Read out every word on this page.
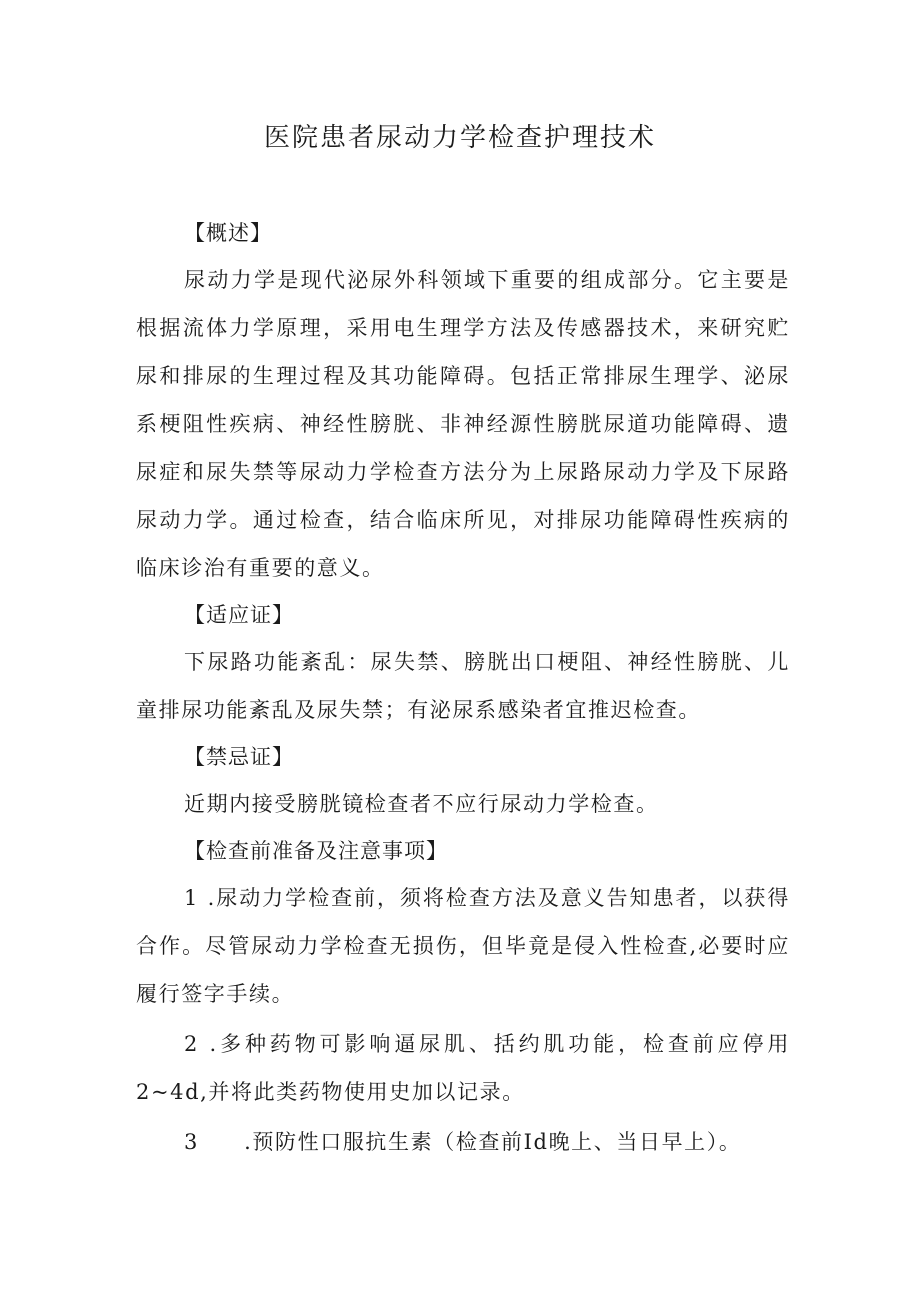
医院患者尿动力学检查护理技术

【概述】

尿动力学是现代泌尿外科领域下重要的组成部分。它主要是根据流体力学原理，采用电生理学方法及传感器技术，来研究贮尿和排尿的生理过程及其功能障碍。包括正常排尿生理学、泌尿系梗阻性疾病、神经性膀胱、非神经源性膀胱尿道功能障碍、遗尿症和尿失禁等尿动力学检查方法分为上尿路尿动力学及下尿路尿动力学。通过检查，结合临床所见，对排尿功能障碍性疾病的临床诊治有重要的意义。

【适应证】

下尿路功能紊乱：尿失禁、膀胱出口梗阻、神经性膀胱、儿童排尿功能紊乱及尿失禁；有泌尿系感染者宜推迟检查。

【禁忌证】

近期内接受膀胱镜检查者不应行尿动力学检查。

【检查前准备及注意事项】

1 .尿动力学检查前，须将检查方法及意义告知患者，以获得合作。尽管尿动力学检查无损伤，但毕竟是侵入性检查,必要时应履行签字手续。

2 .多种药物可影响逼尿肌、括约肌功能，检查前应停用2~4d,并将此类药物使用史加以记录。

3　　.预防性口服抗生素（检查前Id晚上、当日早上）。
